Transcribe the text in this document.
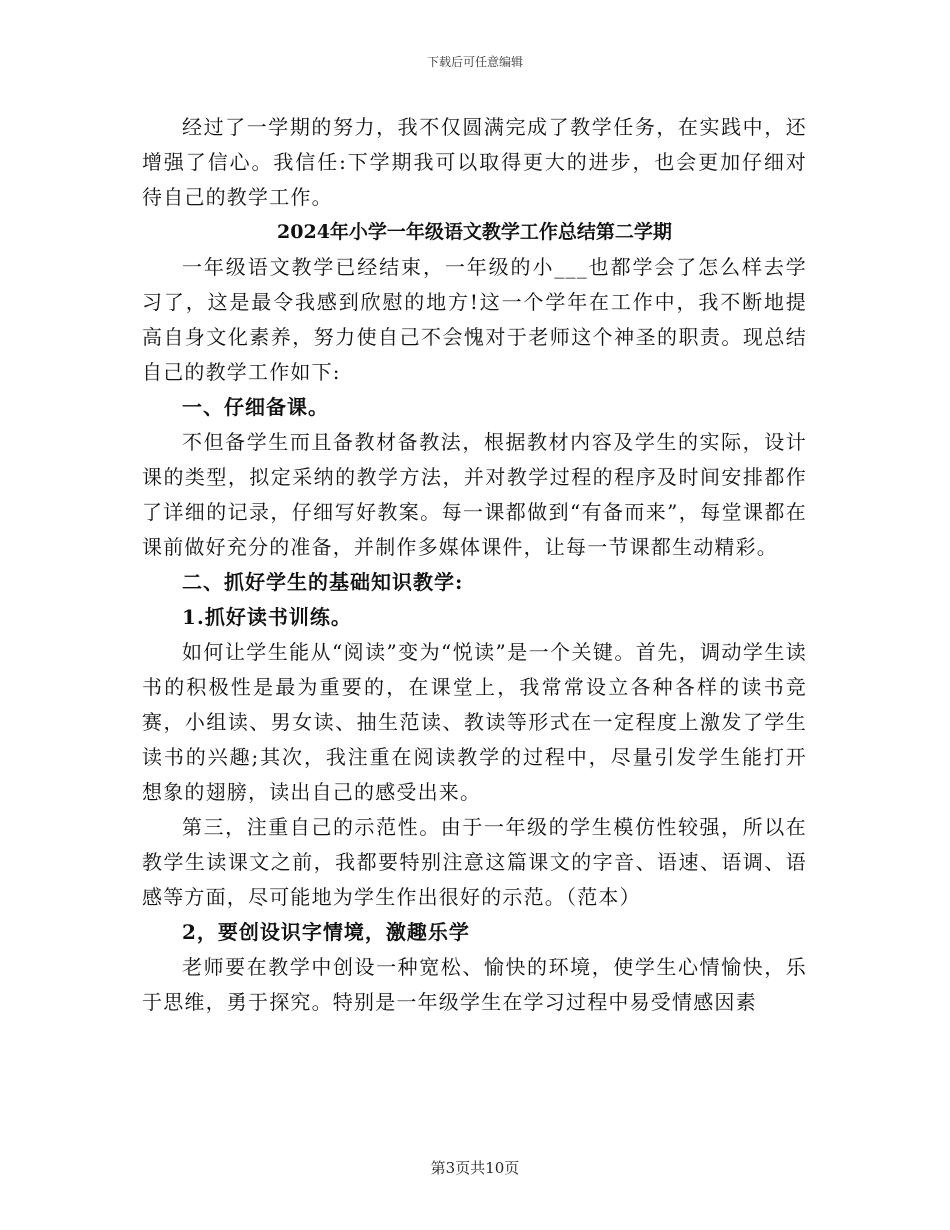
下载后可任意编辑

经过了一学期的努力，我不仅圆满完成了教学任务，在实践中，还增强了信心。我信任:下学期我可以取得更大的进步，也会更加仔细对待自己的教学工作。

2024年小学一年级语文教学工作总结第二学期

一年级语文教学已经结束，一年级的小___也都学会了怎么样去学习了，这是最令我感到欣慰的地方!这一个学年在工作中，我不断地提高自身文化素养，努力使自己不会愧对于老师这个神圣的职责。现总结自己的教学工作如下:

一、仔细备课。

不但备学生而且备教材备教法，根据教材内容及学生的实际，设计课的类型，拟定采纳的教学方法，并对教学过程的程序及时间安排都作了详细的记录，仔细写好教案。每一课都做到“有备而来”，每堂课都在课前做好充分的准备，并制作多媒体课件，让每一节课都生动精彩。

二、抓好学生的基础知识教学:

1.抓好读书训练。

如何让学生能从“阅读”变为“悦读”是一个关键。首先，调动学生读书的积极性是最为重要的，在课堂上，我常常设立各种各样的读书竞赛，小组读、男女读、抽生范读、教读等形式在一定程度上激发了学生读书的兴趣;其次，我注重在阅读教学的过程中，尽量引发学生能打开想象的翅膀，读出自己的感受出来。

第三，注重自己的示范性。由于一年级的学生模仿性较强，所以在教学生读课文之前，我都要特别注意这篇课文的字音、语速、语调、语感等方面，尽可能地为学生作出很好的示范。（范本）

2，要创设识字情境，激趣乐学

老师要在教学中创设一种宽松、愉快的环境，使学生心情愉快，乐于思维，勇于探究。特别是一年级学生在学习过程中易受情感因素

第3页共10页
